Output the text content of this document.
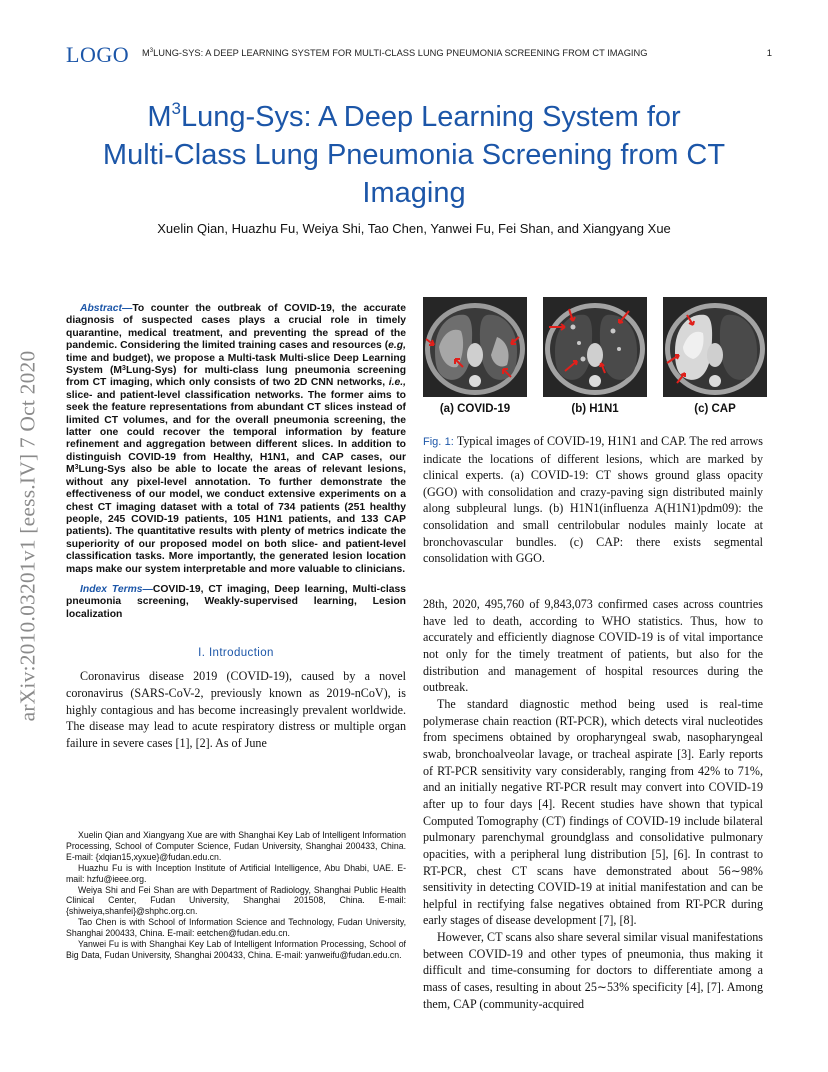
LOGO $M^3LUNG$-SYS: A DEEP LEARNING SYSTEM FOR MULTI-CLASS LUNG PNEUMONIA SCREENING FROM CT IMAGING	1
arXiv:2010.03201v1 [eess.IV] 7 Oct 2020
$M^3Lung$-Sys: A Deep Learning System for
Multi-Class Lung Pneumonia Screening from CT
Imaging
Xuelin Qian, Huazhu Fu, Weiya Shi, Tao Chen, Yanwei Fu, Fei Shan, and Xiangyang Xue

Abstract—To counter the outbreak of COVID-19, the accurate diagnosis of suspected cases plays a crucial role in timely quarantine, medical treatment, and preventing the spread of the pandemic. Considering the limited training cases and resources (e.g, time and budget), we propose a Multi-task Multi-slice Deep Learning System $(M^3Lung-Sys)$ for multi-class lung pneumonia screening from CT imaging, which only consists of two 2D CNN networks, i.e., slice- and patient-level classification networks. The former aims to seek the feature representations from abundant CT slices instead of limited CT volumes, and for the overall pneumonia screening, the latter one could recover the temporal information by feature refinement and aggregation between different slices. In addition to distinguish COVID-19 from Healthy, H1N1, and CAP cases, our $M^3Lung$-Sys also be able to locate the areas of relevant lesions, without any pixel-level annotation. To further demonstrate the effectiveness of our model, we conduct extensive experiments on a chest CT imaging dataset with a total of 734 patients (251 healthy people, 245 COVID-19 patients, 105 H1N1 patients, and 133 CAP patients). The quantitative results with plenty of metrics indicate the superiority of our proposed model on both slice- and patient-level classification tasks. More importantly, the generated lesion location maps make our system interpretable and more valuable to clinicians.

Index Terms—COVID-19, CT imaging, Deep learning, Multi-class pneumonia screening, Weakly-supervised learning, Lesion localization

I. Introduction

Coronavirus disease 2019 (COVID-19), caused by a novel coronavirus (SARS-CoV-2, previously known as 2019-nCoV), is highly contagious and has become increasingly prevalent worldwide. The disease may lead to acute respiratory distress or multiple organ failure in severe cases [1], [2]. As of June

Xuelin Qian and Xiangyang Xue are with Shanghai Key Lab of Intelligent Information Processing, School of Computer Science, Fudan University, Shanghai 200433, China. E-mail: {xlqian15,xyxue}@fudan.edu.cn.

Huazhu Fu is with Inception Institute of Artificial Intelligence, Abu Dhabi, UAE. E-mail: hzfu@ieee.org.

Weiya Shi and Fei Shan are with Department of Radiology, Shanghai Public Health Clinical Center, Fudan University, Shanghai 201508, China. E-mail: {shiweiya,shanfei}@shphc.org.cn.

Tao Chen is with School of Information Science and Technology, Fudan University, Shanghai 200433, China. E-mail: eetchen@fudan.edu.cn.

Yanwei Fu is with Shanghai Key Lab of Intelligent Information Processing, School of Big Data, Fudan University, Shanghai 200433, China. E-mail: yanweifu@fudan.edu.cn.

(a) COVID-19	(b) H1N1	(c) CAP

Fig. 1: Typical images of COVID-19, H1N1 and CAP. The red arrows indicate the locations of different lesions, which are marked by clinical experts. (a) COVID-19: CT shows ground glass opacity (GGO) with consolidation and crazy-paving sign distributed mainly along subpleural lungs. (b) H1N1(influenza A(H1N1)pdm09): the consolidation and small centrilobular nodules mainly locate at bronchovascular bundles. (c) CAP: there exists segmental consolidation with GGO.

28th, 2020, 495,760 of 9,843,073 confirmed cases across countries have led to death, according to WHO statistics. Thus, how to accurately and efficiently diagnose COVID-19 is of vital importance not only for the timely treatment of patients, but also for the distribution and management of hospital resources during the outbreak.

The standard diagnostic method being used is real-time polymerase chain reaction (RT-PCR), which detects viral nucleotides from specimens obtained by oropharyngeal swab, nasopharyngeal swab, bronchoalveolar lavage, or tracheal aspirate [3]. Early reports of RT-PCR sensitivity vary considerably, ranging from 42% to 71%, and an initially negative RT-PCR result may convert into COVID-19 after up to four days [4]. Recent studies have shown that typical Computed Tomography (CT) findings of COVID-19 include bilateral pulmonary parenchymal groundglass and consolidative pulmonary opacities, with a peripheral lung distribution [5], [6]. In contrast to RT-PCR, chest CT scans have demonstrated about 56∼98% sensitivity in detecting COVID-19 at initial manifestation and can be helpful in rectifying false negatives obtained from RT-PCR during early stages of disease development [7], [8].

However, CT scans also share several similar visual manifestations between COVID-19 and other types of pneumonia, thus making it difficult and time-consuming for doctors to differentiate among a mass of cases, resulting in about 25∼53% specificity [4], [7]. Among them, CAP (community-acquired
